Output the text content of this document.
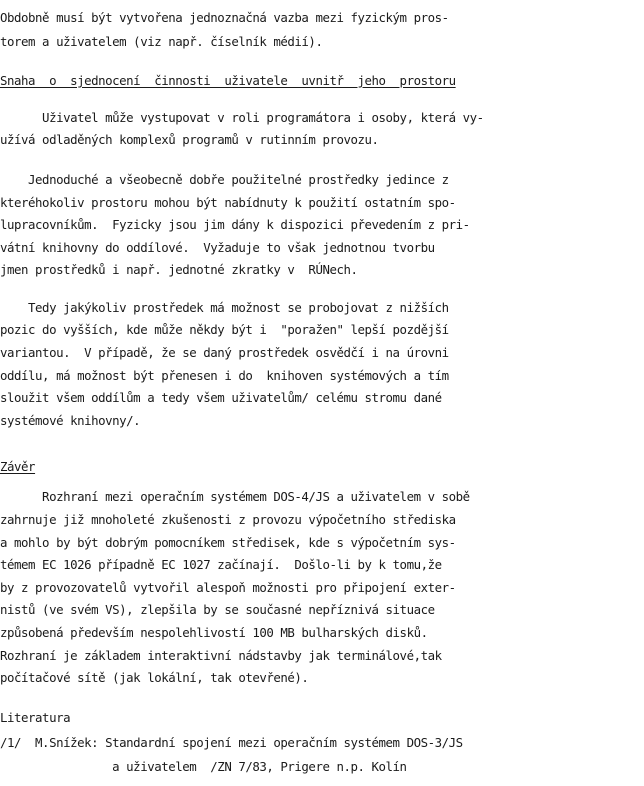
Obdobně musí být vytvořena jednoznačná vazba mezi fyzickým pros-
torem a uživatelem (viz např. číselník médií).
Snaha  o  sjednocení  činnosti  uživatele  uvnitř  jeho  prostoru
Uživatel může vystupovat v roli programátora i osoby, která vy-
užívá odladěných komplexů programů v rutinním provozu.
Jednoduché a všeobecně dobře použitelné prostředky jedince z
kteréhokoliv prostoru mohou být nabídnuty k použití ostatním spo-
lupracovníkům.  Fyzicky jsou jim dány k dispozici převedením z pri-
vátní knihovny do oddílové.  Vyžaduje to však jednotnou tvorbu
jmen prostředků i např. jednotné zkratky v  RÚNech.
Tedy jakýkoliv prostředek má možnost se probojovat z nižších
pozic do vyšších, kde může někdy být i  "poražen" lepší pozdější
variantou.  V případě, že se daný prostředek osvědčí i na úrovni
oddílu, má možnost být přenesen i do  knihoven systémových a tím
sloužit všem oddílům a tedy všem uživatelům/ celému stromu dané
systémové knihovny/.
Závěr
Rozhraní mezi operačním systémem DOS-4/JS a uživatelem v sobě
zahrnuje již mnoholeté zkušenosti z provozu výpočetního střediska
a mohlo by být dobrým pomocníkem středisek, kde s výpočetním sys-
témem EC 1026 případně EC 1027 začínají.  Došlo-li by k tomu,že
by z provozovatelů vytvořil alespoň možnosti pro připojení exter-
nistů (ve svém VS), zlepšila by se současné nepříznivá situace
způsobená především nespolehlivostí 100 MB bulharských disků.
Rozhraní je základem interaktivní nádstavby jak terminálové,tak
počítačové sítě (jak lokální, tak otevřené).
Literatura
/1/  M.Snížek: Standardní spojení mezi operačním systémem DOS-3/JS
a uživatelem  /ZN 7/83, Prigere n.p. Kolín
